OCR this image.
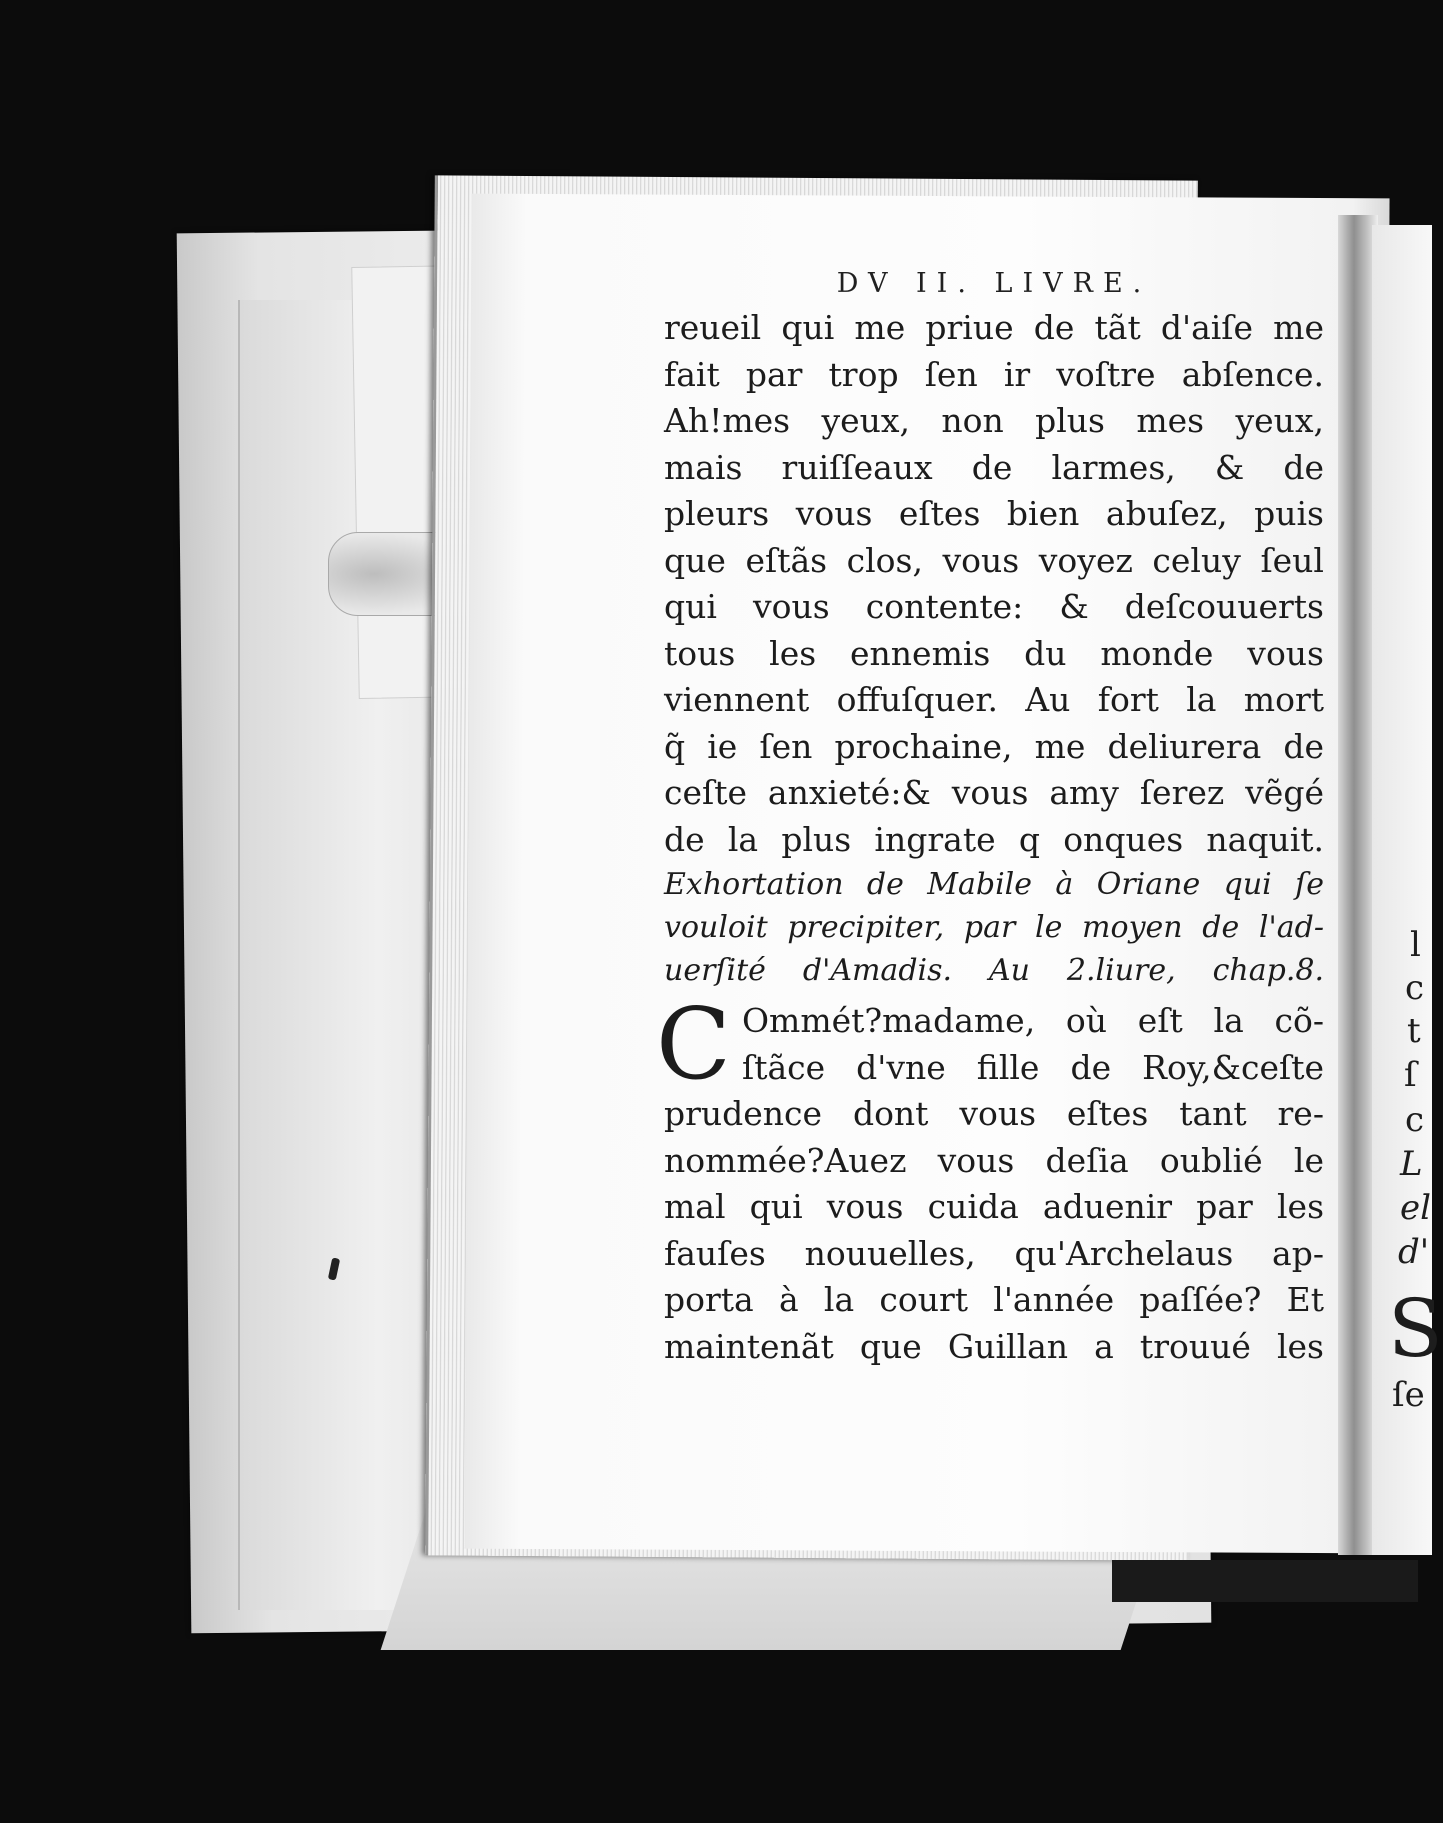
DV II. LIVRE.
reueil qui me priue de tãt d'aiſe me
fait par trop ſen ir voſtre abſence.
Ah!mes yeux, non plus mes yeux,
mais ruiſſeaux de larmes, & de
pleurs vous eſtes bien abuſez, puis
que eſtãs clos, vous voyez celuy ſeul
qui vous contente: & deſcouuerts
tous les ennemis du monde vous
viennent offuſquer. Au fort la mort
q̃ ie ſen prochaine, me deliurera de
ceſte anxieté:& vous amy ſerez vẽgé
de la plus ingrate q onques naquit.
Exhortation de Mabile à Oriane qui ſe
vouloit precipiter, par le moyen de l'ad-
uerſité d'Amadis. Au 2.liure, chap.8.
C Ommét?madame, où eſt la cõ-
ſtãce d'vne fille de Roy,&ceſte
prudence dont vous eſtes tant re-
nommée?Auez vous deſia oublié le
mal qui vous cuida aduenir par les
fauſes nouuelles, qu'Archelaus ap-
porta à la court l'année paſſée? Et
maintenãt que Guillan a trouué les
l
c
t
ſ
c
L
el
d'
S
ſe
